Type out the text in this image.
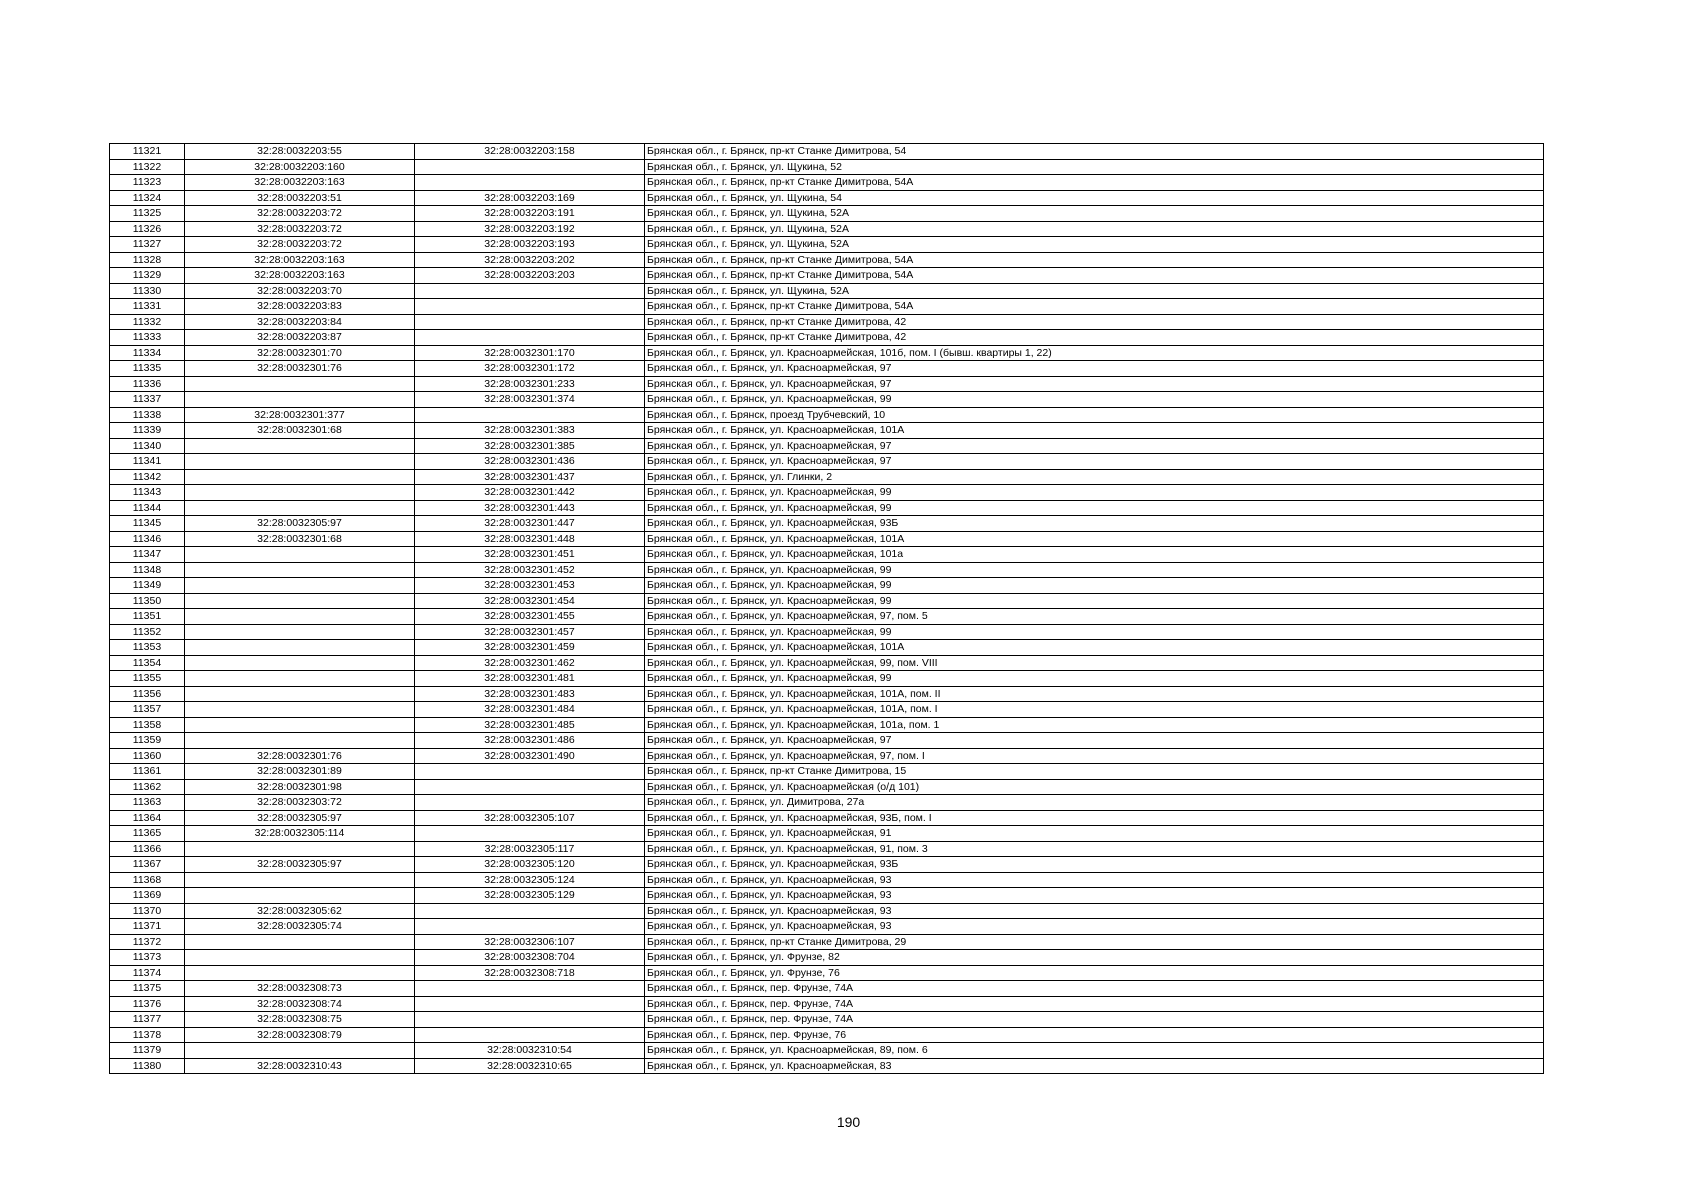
11321	32:28:0032203:55	32:28:0032203:158	Брянская обл., г. Брянск, пр-кт Станке Димитрова, 54
11322	32:28:0032203:160		Брянская обл., г. Брянск, ул. Щукина, 52
11323	32:28:0032203:163		Брянская обл., г. Брянск, пр-кт Станке Димитрова, 54А
11324	32:28:0032203:51	32:28:0032203:169	Брянская обл., г. Брянск, ул. Щукина, 54
11325	32:28:0032203:72	32:28:0032203:191	Брянская обл., г. Брянск, ул. Щукина, 52А
11326	32:28:0032203:72	32:28:0032203:192	Брянская обл., г. Брянск, ул. Щукина, 52А
11327	32:28:0032203:72	32:28:0032203:193	Брянская обл., г. Брянск, ул. Щукина, 52А
11328	32:28:0032203:163	32:28:0032203:202	Брянская обл., г. Брянск, пр-кт Станке Димитрова, 54А
11329	32:28:0032203:163	32:28:0032203:203	Брянская обл., г. Брянск, пр-кт Станке Димитрова, 54А
11330	32:28:0032203:70		Брянская обл., г. Брянск, ул. Щукина, 52А
11331	32:28:0032203:83		Брянская обл., г. Брянск, пр-кт Станке Димитрова, 54А
11332	32:28:0032203:84		Брянская обл., г. Брянск, пр-кт Станке Димитрова, 42
11333	32:28:0032203:87		Брянская обл., г. Брянск, пр-кт Станке Димитрова, 42
11334	32:28:0032301:70	32:28:0032301:170	Брянская обл., г. Брянск, ул. Красноармейская, 101б, пом. I (бывш. квартиры 1, 22)
11335	32:28:0032301:76	32:28:0032301:172	Брянская обл., г. Брянск, ул. Красноармейская, 97
11336		32:28:0032301:233	Брянская обл., г. Брянск, ул. Красноармейская, 97
11337		32:28:0032301:374	Брянская обл., г. Брянск, ул. Красноармейская, 99
11338	32:28:0032301:377		Брянская обл., г. Брянск, проезд Трубчевский, 10
11339	32:28:0032301:68	32:28:0032301:383	Брянская обл., г. Брянск, ул. Красноармейская, 101А
11340		32:28:0032301:385	Брянская обл., г. Брянск, ул. Красноармейская, 97
11341		32:28:0032301:436	Брянская обл., г. Брянск, ул. Красноармейская, 97
11342		32:28:0032301:437	Брянская обл., г. Брянск, ул. Глинки, 2
11343		32:28:0032301:442	Брянская обл., г. Брянск, ул. Красноармейская, 99
11344		32:28:0032301:443	Брянская обл., г. Брянск, ул. Красноармейская, 99
11345	32:28:0032305:97	32:28:0032301:447	Брянская обл., г. Брянск, ул. Красноармейская, 93Б
11346	32:28:0032301:68	32:28:0032301:448	Брянская обл., г. Брянск, ул. Красноармейская, 101А
11347		32:28:0032301:451	Брянская обл., г. Брянск, ул. Красноармейская, 101а
11348		32:28:0032301:452	Брянская обл., г. Брянск, ул. Красноармейская, 99
11349		32:28:0032301:453	Брянская обл., г. Брянск, ул. Красноармейская, 99
11350		32:28:0032301:454	Брянская обл., г. Брянск, ул. Красноармейская, 99
11351		32:28:0032301:455	Брянская обл., г. Брянск, ул. Красноармейская, 97, пом. 5
11352		32:28:0032301:457	Брянская обл., г. Брянск, ул. Красноармейская, 99
11353		32:28:0032301:459	Брянская обл., г. Брянск, ул. Красноармейская, 101А
11354		32:28:0032301:462	Брянская обл., г. Брянск, ул. Красноармейская, 99, пом. VIII
11355		32:28:0032301:481	Брянская обл., г. Брянск, ул. Красноармейская, 99
11356		32:28:0032301:483	Брянская обл., г. Брянск, ул. Красноармейская, 101А, пом. II
11357		32:28:0032301:484	Брянская обл., г. Брянск, ул. Красноармейская, 101А, пом. I
11358		32:28:0032301:485	Брянская обл., г. Брянск, ул. Красноармейская, 101а, пом. 1
11359		32:28:0032301:486	Брянская обл., г. Брянск, ул. Красноармейская, 97
11360	32:28:0032301:76	32:28:0032301:490	Брянская обл., г. Брянск, ул. Красноармейская, 97, пом. I
11361	32:28:0032301:89		Брянская обл., г. Брянск, пр-кт Станке Димитрова, 15
11362	32:28:0032301:98		Брянская обл., г. Брянск, ул. Красноармейская (о/д 101)
11363	32:28:0032303:72		Брянская обл., г. Брянск, ул. Димитрова, 27а
11364	32:28:0032305:97	32:28:0032305:107	Брянская обл., г. Брянск, ул. Красноармейская, 93Б, пом. I
11365	32:28:0032305:114		Брянская обл., г. Брянск, ул. Красноармейская, 91
11366		32:28:0032305:117	Брянская обл., г. Брянск, ул. Красноармейская, 91, пом. 3
11367	32:28:0032305:97	32:28:0032305:120	Брянская обл., г. Брянск, ул. Красноармейская, 93Б
11368		32:28:0032305:124	Брянская обл., г. Брянск, ул. Красноармейская, 93
11369		32:28:0032305:129	Брянская обл., г. Брянск, ул. Красноармейская, 93
11370	32:28:0032305:62		Брянская обл., г. Брянск, ул. Красноармейская, 93
11371	32:28:0032305:74		Брянская обл., г. Брянск, ул. Красноармейская, 93
11372		32:28:0032306:107	Брянская обл., г. Брянск, пр-кт Станке Димитрова, 29
11373		32:28:0032308:704	Брянская обл., г. Брянск, ул. Фрунзе, 82
11374		32:28:0032308:718	Брянская обл., г. Брянск, ул. Фрунзе, 76
11375	32:28:0032308:73		Брянская обл., г. Брянск, пер. Фрунзе, 74А
11376	32:28:0032308:74		Брянская обл., г. Брянск, пер. Фрунзе, 74А
11377	32:28:0032308:75		Брянская обл., г. Брянск, пер. Фрунзе, 74А
11378	32:28:0032308:79		Брянская обл., г. Брянск, пер. Фрунзе, 76
11379		32:28:0032310:54	Брянская обл., г. Брянск, ул. Красноармейская, 89, пом. 6
11380	32:28:0032310:43	32:28:0032310:65	Брянская обл., г. Брянск, ул. Красноармейская, 83
190
